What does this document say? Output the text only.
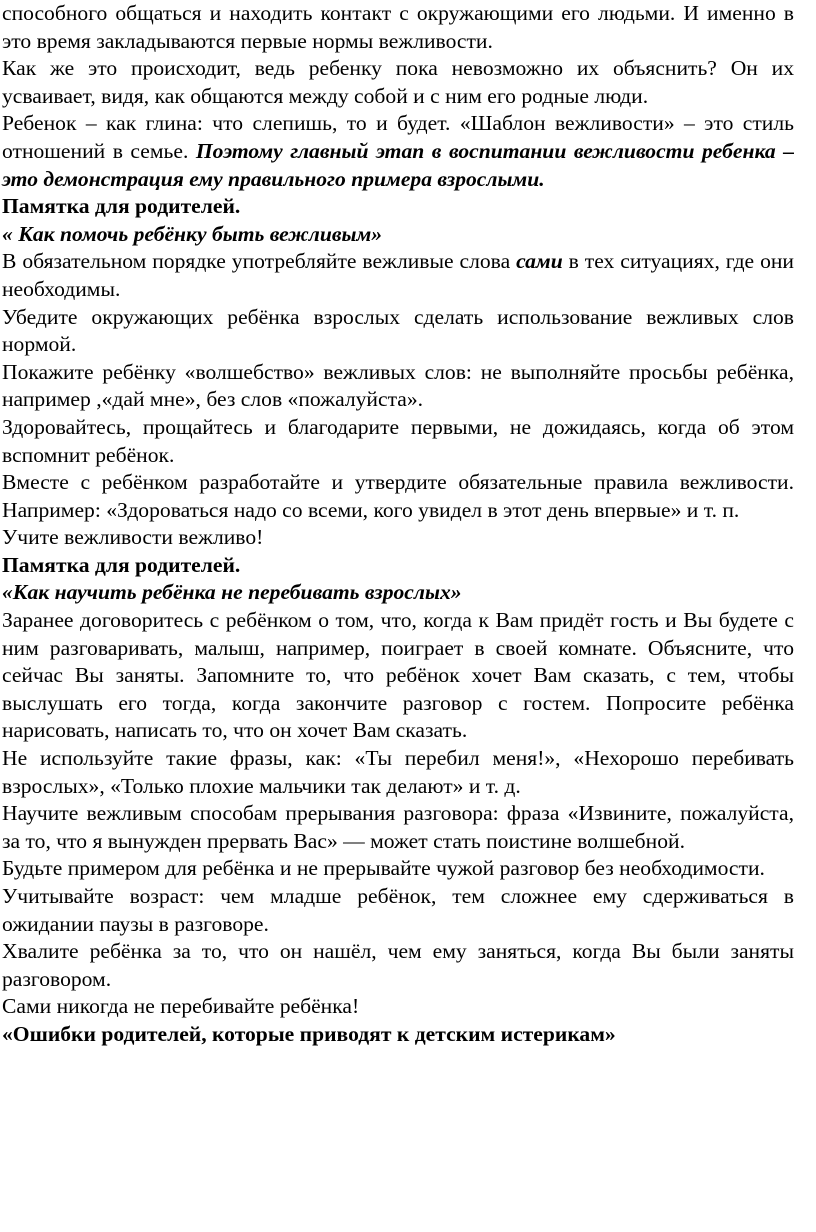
способного общаться и находить контакт с окружающими его людьми. И именно в это время закладываются первые нормы вежливости.

Как же это происходит, ведь ребенку пока невозможно их объяснить? Он их усваивает, видя, как общаются между собой и с ним его родные люди.

Ребенок – как глина: что слепишь, то и будет. «Шаблон вежливости» – это стиль отношений в семье. Поэтому главный этап в воспитании вежливости ребенка – это демонстрация ему правильного примера взрослыми.

Памятка для родителей.

« Как помочь ребёнку быть вежливым»

В обязательном порядке употребляйте вежливые слова сами в тех ситуациях, где они необходимы.

Убедите окружающих ребёнка взрослых сделать использование вежливых слов нормой.

Покажите ребёнку «волшебство» вежливых слов: не выполняйте просьбы ребёнка, например ,«дай мне», без слов «пожалуйста».

Здоровайтесь, прощайтесь и благодарите первыми, не дожидаясь, когда об этом вспомнит ребёнок.

Вместе с ребёнком разработайте и утвердите обязательные правила вежливости. Например: «Здороваться надо со всеми, кого увидел в этот день впервые» и т. п.

Учите вежливости вежливо!

Памятка для родителей.

«Как научить ребёнка не перебивать взрослых»

Заранее договоритесь с ребёнком о том, что, когда к Вам придёт гость и Вы будете с ним разговаривать, малыш, например, поиграет в своей комнате. Объясните, что сейчас Вы заняты. Запомните то, что ребёнок хочет Вам сказать, с тем, чтобы выслушать его тогда, когда закончите разговор с гостем. Попросите ребёнка нарисовать, написать то, что он хочет Вам сказать.

Не используйте такие фразы, как: «Ты перебил меня!», «Нехорошо перебивать взрослых», «Только плохие мальчики так делают» и т. д.

Научите вежливым способам прерывания разговора: фраза «Извините, пожалуйста, за то, что я вынужден прервать Вас» — может стать поистине волшебной.

Будьте примером для ребёнка и не прерывайте чужой разговор без необходимости.

Учитывайте возраст: чем младше ребёнок, тем сложнее ему сдерживаться в ожидании паузы в разговоре.

Хвалите ребёнка за то, что он нашёл, чем ему заняться, когда Вы были заняты разговором.

Сами никогда не перебивайте ребёнка!

«Ошибки родителей, которые приводят к детским истерикам»
